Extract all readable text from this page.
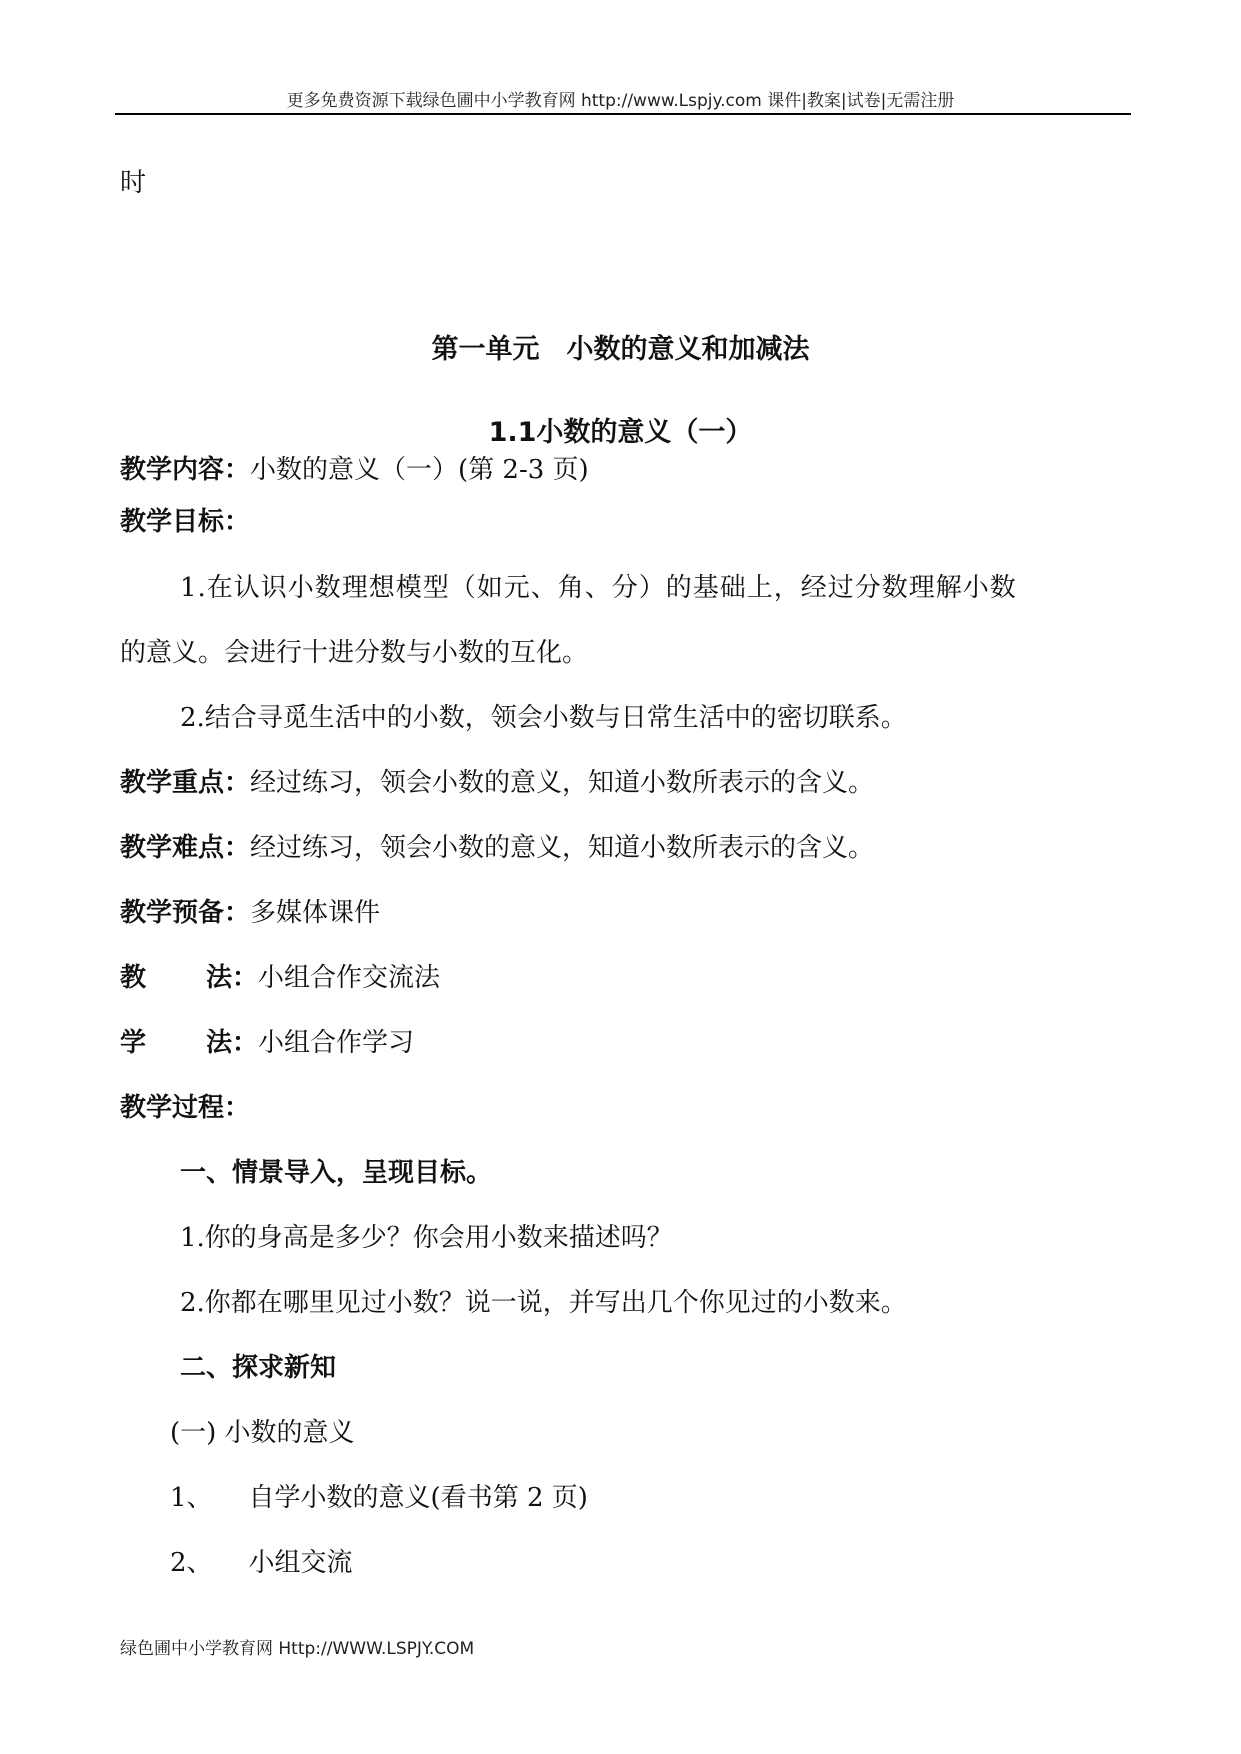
更多免费资源下载绿色圃中小学教育网 http://www.Lspjy.com 课件|教案|试卷|无需注册
时
第一单元　小数的意义和加减法
1.1小数的意义（一）
教学内容：小数的意义（一）(第 2-3 页)
教学目标：
1.在认识小数理想模型（如元、角、分）的基础上，经过分数理解小数
的意义。会进行十进分数与小数的互化。
2.结合寻觅生活中的小数，领会小数与日常生活中的密切联系。
教学重点：经过练习，领会小数的意义，知道小数所表示的含义。
教学难点：经过练习，领会小数的意义，知道小数所表示的含义。
教学预备：多媒体课件
教 法：小组合作交流法
学 法：小组合作学习
教学过程：
一、情景导入，呈现目标。
1.你的身高是多少？你会用小数来描述吗？
2.你都在哪里见过小数？说一说，并写出几个你见过的小数来。
二、探求新知
(一) 小数的意义
1、 自学小数的意义(看书第 2 页)
2、 小组交流
绿色圃中小学教育网 Http://WWW.LSPJY.COM
